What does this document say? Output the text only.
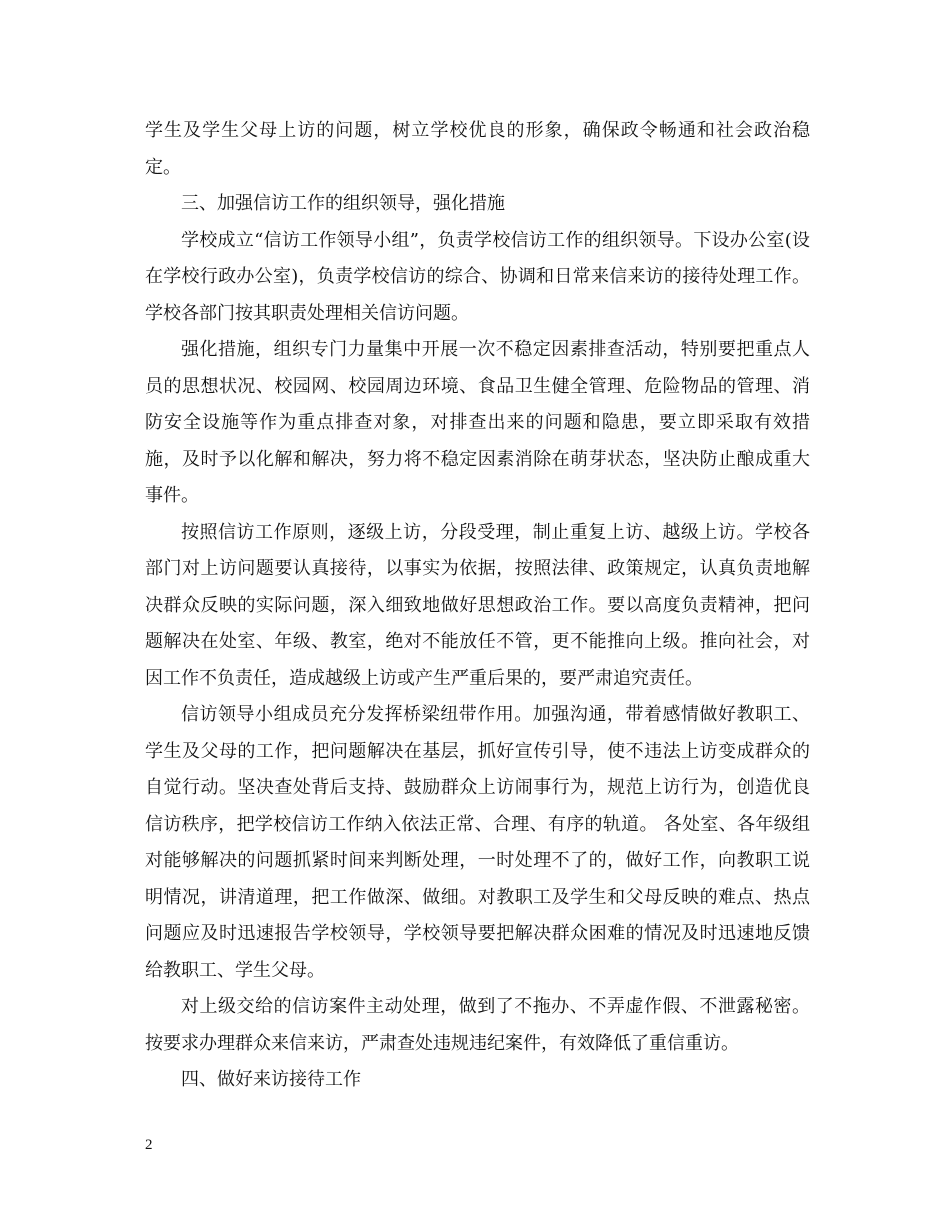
学生及学生父母上访的问题，树立学校优良的形象，确保政令畅通和社会政治稳定。

三、加强信访工作的组织领导，强化措施

学校成立“信访工作领导小组”，负责学校信访工作的组织领导。下设办公室(设在学校行政办公室)，负责学校信访的综合、协调和日常来信来访的接待处理工作。学校各部门按其职责处理相关信访问题。

强化措施，组织专门力量集中开展一次不稳定因素排查活动，特别要把重点人员的思想状况、校园网、校园周边环境、食品卫生健全管理、危险物品的管理、消防安全设施等作为重点排查对象，对排查出来的问题和隐患，要立即采取有效措施，及时予以化解和解决，努力将不稳定因素消除在萌芽状态，坚决防止酿成重大事件。

按照信访工作原则，逐级上访，分段受理，制止重复上访、越级上访。学校各部门对上访问题要认真接待，以事实为依据，按照法律、政策规定，认真负责地解决群众反映的实际问题，深入细致地做好思想政治工作。要以高度负责精神，把问题解决在处室、年级、教室，绝对不能放任不管，更不能推向上级。推向社会，对因工作不负责任，造成越级上访或产生严重后果的，要严肃追究责任。

信访领导小组成员充分发挥桥梁纽带作用。加强沟通，带着感情做好教职工、学生及父母的工作，把问题解决在基层，抓好宣传引导，使不违法上访变成群众的自觉行动。坚决查处背后支持、鼓励群众上访闹事行为，规范上访行为，创造优良信访秩序，把学校信访工作纳入依法正常、合理、有序的轨道。 各处室、各年级组对能够解决的问题抓紧时间来判断处理，一时处理不了的，做好工作，向教职工说明情况，讲清道理，把工作做深、做细。对教职工及学生和父母反映的难点、热点问题应及时迅速报告学校领导，学校领导要把解决群众困难的情况及时迅速地反馈给教职工、学生父母。

对上级交给的信访案件主动处理，做到了不拖办、不弄虚作假、不泄露秘密。按要求办理群众来信来访，严肃查处违规违纪案件，有效降低了重信重访。

四、做好来访接待工作

2
